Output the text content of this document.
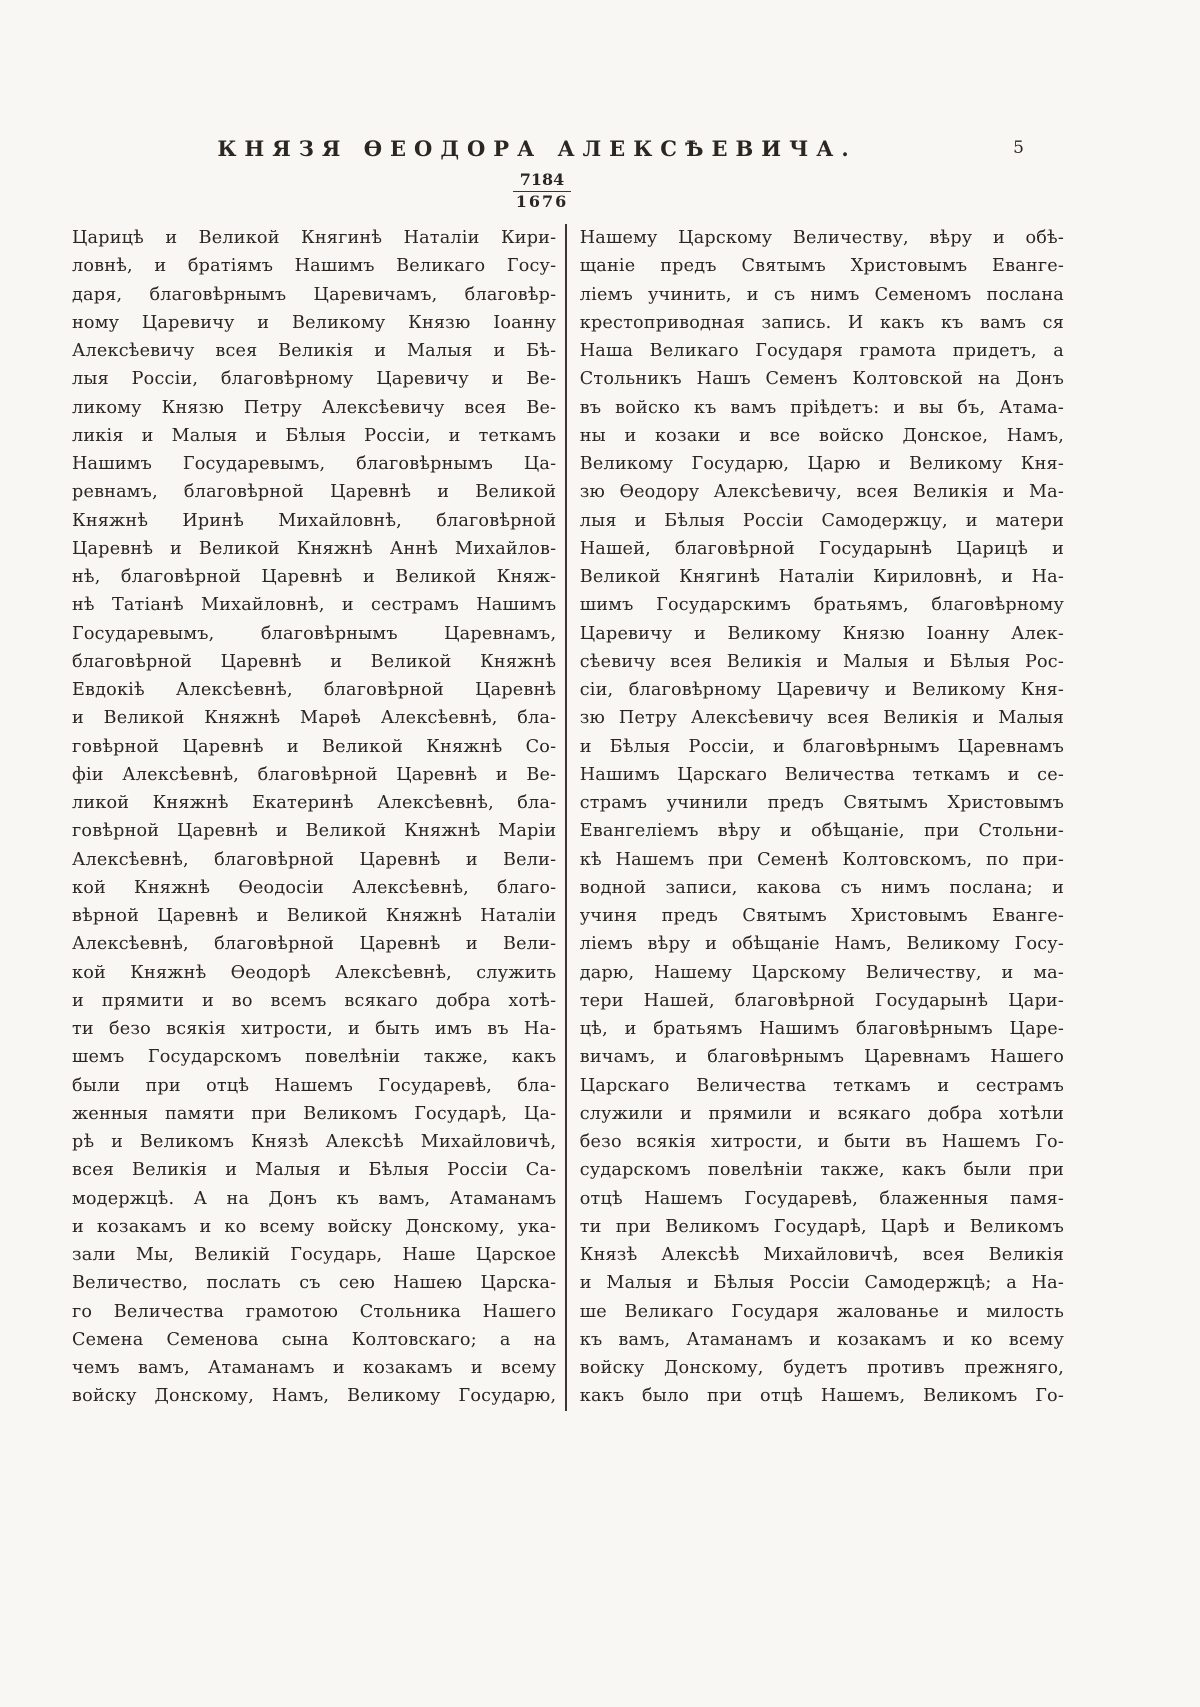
КНЯЗЯ ѲЕОДОРА АЛЕКСѢЕВИЧА.	5
$\frac{7184}{1676}$
Царицѣ и Великой Княгинѣ Наталіи Кири-
ловнѣ, и братіямъ Нашимъ Великаго Госу-
даря, благовѣрнымъ Царевичамъ, благовѣр-
ному Царевичу и Великому Князю Іоанну
Алексѣевичу всея Великія и Малыя и Бѣ-
лыя Россіи, благовѣрному Царевичу и Ве-
ликому Князю Петру Алексѣевичу всея Ве-
ликія и Малыя и Бѣлыя Россіи, и теткамъ
Нашимъ Государевымъ, благовѣрнымъ Ца-
ревнамъ, благовѣрной Царевнѣ и Великой
Княжнѣ Иринѣ Михайловнѣ, благовѣрной
Царевнѣ и Великой Княжнѣ Аннѣ Михайлов-
нѣ, благовѣрной Царевнѣ и Великой Княж-
нѣ Татіанѣ Михайловнѣ, и сестрамъ Нашимъ
Государевымъ, благовѣрнымъ Царевнамъ,
благовѣрной Царевнѣ и Великой Княжнѣ
Евдокіѣ Алексѣевнѣ, благовѣрной Царевнѣ
и Великой Княжнѣ Марѳѣ Алексѣевнѣ, бла-
говѣрной Царевнѣ и Великой Княжнѣ Со-
фіи Алексѣевнѣ, благовѣрной Царевнѣ и Ве-
ликой Княжнѣ Екатеринѣ Алексѣевнѣ, бла-
говѣрной Царевнѣ и Великой Княжнѣ Маріи
Алексѣевнѣ, благовѣрной Царевнѣ и Вели-
кой Княжнѣ Ѳеодосіи Алексѣевнѣ, благо-
вѣрной Царевнѣ и Великой Княжнѣ Наталіи
Алексѣевнѣ, благовѣрной Царевнѣ и Вели-
кой Княжнѣ Ѳеодорѣ Алексѣевнѣ, служить
и прямити и во всемъ всякаго добра хотѣ-
ти безо всякія хитрости, и быть имъ въ На-
шемъ Государскомъ повелѣніи также, какъ
были при отцѣ Нашемъ Государевѣ, бла-
женныя памяти при Великомъ Государѣ, Ца-
рѣ и Великомъ Князѣ Алексѣѣ Михайловичѣ,
всея Великія и Малыя и Бѣлыя Россіи Са-
модержцѣ. А на Донъ къ вамъ, Атаманамъ
и козакамъ и ко всему войску Донскому, ука-
зали Мы, Великій Государь, Наше Царское
Величество, послать съ сею Нашею Царска-
го Величества грамотою Стольника Нашего
Семена Семенова сына Колтовскаго; а на
чемъ вамъ, Атаманамъ и козакамъ и всему
войску Донскому, Намъ, Великому Государю,
Нашему Царскому Величеству, вѣру и обѣ-
щаніе предъ Святымъ Христовымъ Еванге-
ліемъ учинить, и съ нимъ Семеномъ послана
крестоприводная запись. И какъ къ вамъ ся
Наша Великаго Государя грамота придетъ, а
Стольникъ Нашъ Семенъ Колтовской на Донъ
въ войско къ вамъ пріѣдетъ: и вы бъ, Атама-
ны и козаки и все войско Донское, Намъ,
Великому Государю, Царю и Великому Кня-
зю Ѳеодору Алексѣевичу, всея Великія и Ма-
лыя и Бѣлыя Россіи Самодержцу, и матери
Нашей, благовѣрной Государынѣ Царицѣ и
Великой Княгинѣ Наталіи Кириловнѣ, и На-
шимъ Государскимъ братьямъ, благовѣрному
Царевичу и Великому Князю Іоанну Алек-
сѣевичу всея Великія и Малыя и Бѣлыя Рос-
сіи, благовѣрному Царевичу и Великому Кня-
зю Петру Алексѣевичу всея Великія и Малыя
и Бѣлыя Россіи, и благовѣрнымъ Царевнамъ
Нашимъ Царскаго Величества теткамъ и се-
страмъ учинили предъ Святымъ Христовымъ
Евангеліемъ вѣру и обѣщаніе, при Стольни-
кѣ Нашемъ при Семенѣ Колтовскомъ, по при-
водной записи, какова съ нимъ послана; и
учиня предъ Святымъ Христовымъ Еванге-
ліемъ вѣру и обѣщаніе Намъ, Великому Госу-
дарю, Нашему Царскому Величеству, и ма-
тери Нашей, благовѣрной Государынѣ Цари-
цѣ, и братьямъ Нашимъ благовѣрнымъ Царе-
вичамъ, и благовѣрнымъ Царевнамъ Нашего
Царскаго Величества теткамъ и сестрамъ
служили и прямили и всякаго добра хотѣли
безо всякія хитрости, и быти въ Нашемъ Го-
сударскомъ повелѣніи также, какъ были при
отцѣ Нашемъ Государевѣ, блаженныя памя-
ти при Великомъ Государѣ, Царѣ и Великомъ
Князѣ Алексѣѣ Михайловичѣ, всея Великія
и Малыя и Бѣлыя Россіи Самодержцѣ; а На-
ше Великаго Государя жалованье и милость
къ вамъ, Атаманамъ и козакамъ и ко всему
войску Донскому, будетъ противъ прежняго,
какъ было при отцѣ Нашемъ, Великомъ Го-
